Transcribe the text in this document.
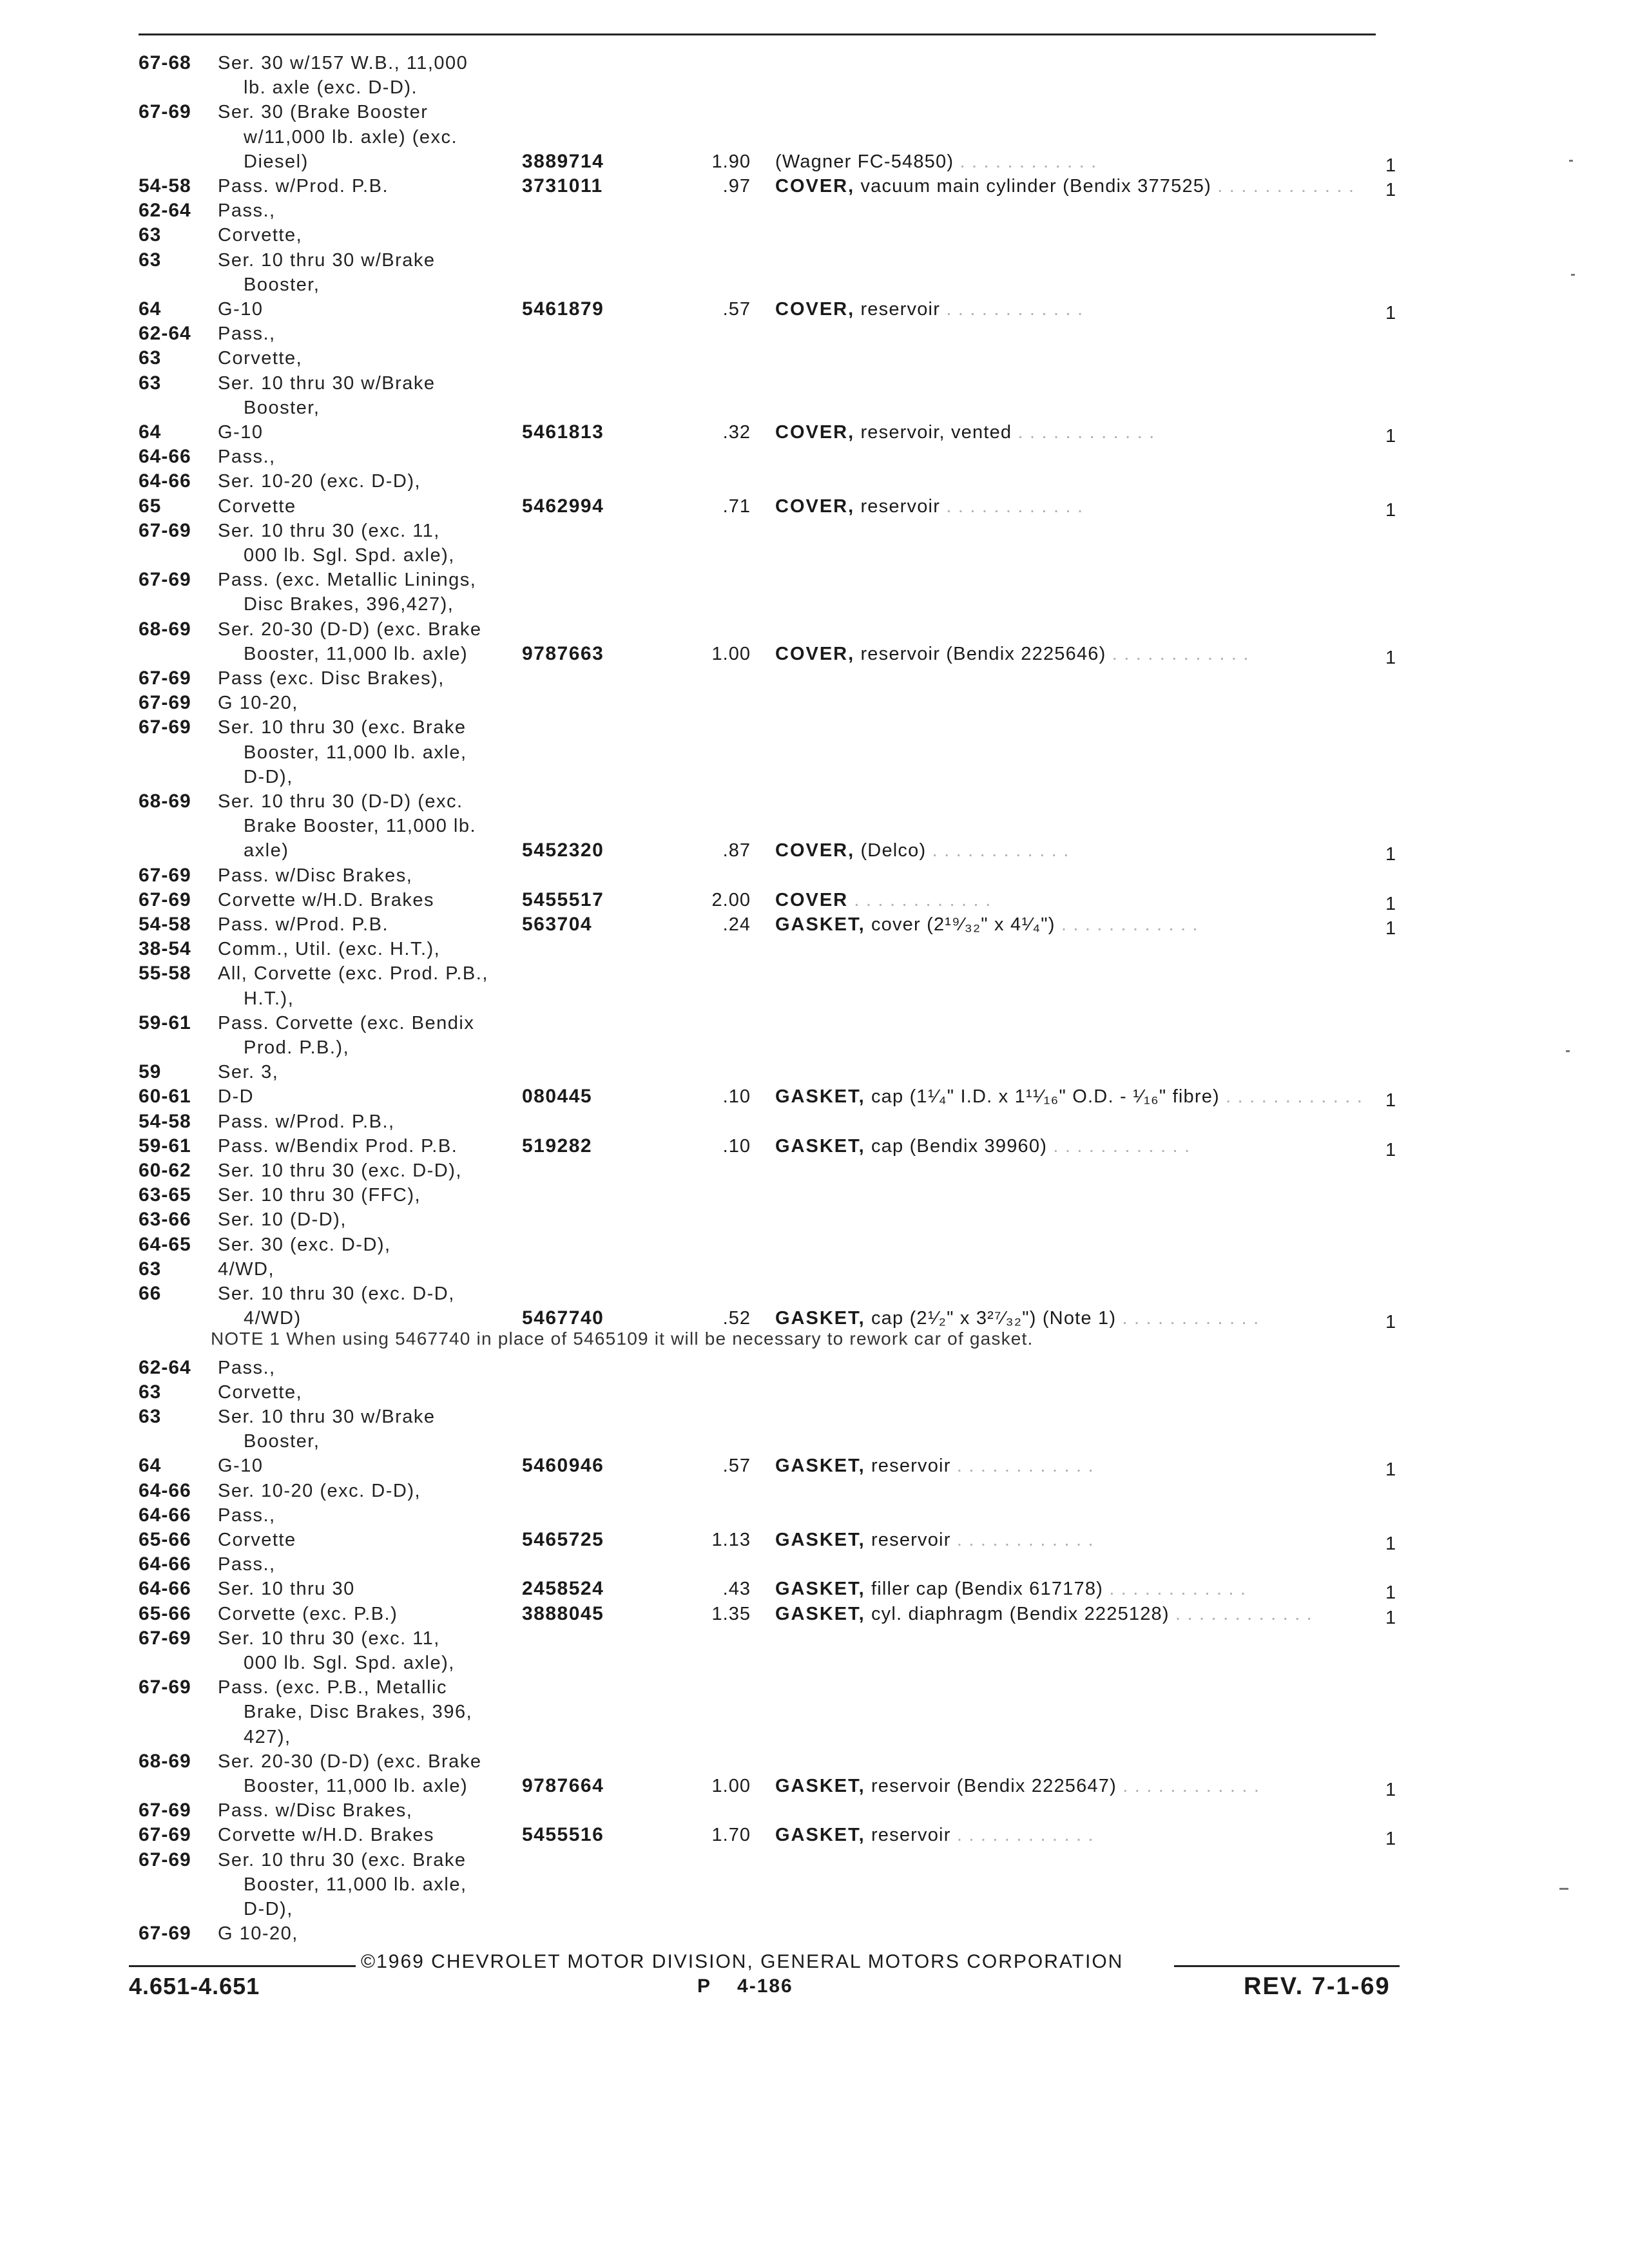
67-68 Ser. 30 w/157 W.B., 11,000
lb. axle (exc. D-D).
67-69 Ser. 30 (Brake Booster
w/11,000 lb. axle) (exc.
Diesel)	3889714	1.90 (Wagner FC-54850) . . . . . . . . . . . .	1
54-58 Pass. w/Prod. P.B.	3731011	.97 COVER, vacuum main cylinder (Bendix 377525) . . . . . . . . . . . . 1
62-64 Pass.,
63	Corvette,
63	Ser. 10 thru 30 w/Brake
Booster,
64	G-10	5461879	.57 COVER, reservoir . . . . . . . . . . . .	1
62-64 Pass.,
63	Corvette,
63	Ser. 10 thru 30 w/Brake
Booster,
64	G-10	5461813	.32 COVER, reservoir, vented . . . . . . . . . . . .	1
64-66 Pass.,
64-66 Ser. 10-20 (exc. D-D),
65	Corvette	5462994	.71 COVER, reservoir . . . . . . . . . . . .	1
67-69 Ser. 10 thru 30 (exc. 11,
000 lb. Sgl. Spd. axle),
67-69 Pass. (exc. Metallic Linings,
Disc Brakes, 396,427),
68-69 Ser. 20-30 (D-D) (exc. Brake
Booster, 11,000 lb. axle)	9787663	1.00 COVER, reservoir (Bendix 2225646) . . . . . . . . . . . .	1
67-69 Pass (exc. Disc Brakes),
67-69 G 10-20,
67-69 Ser. 10 thru 30 (exc. Brake
Booster, 11,000 lb. axle,
D-D),
68-69 Ser. 10 thru 30 (D-D) (exc.
Brake Booster, 11,000 lb.
axle)	5452320	.87 COVER, (Delco) . . . . . . . . . . . .	1
67-69 Pass. w/Disc Brakes,
67-69 Corvette w/H.D. Brakes	5455517	2.00 COVER . . . . . . . . . . . .	1
54-58 Pass. w/Prod. P.B.	563704	.24 GASKET, cover (2¹⁹⁄₃₂" x 4¹⁄₄") . . . . . . . . . . . .	1
38-54 Comm., Util. (exc. H.T.),
55-58 All, Corvette (exc. Prod. P.B.,
H.T.),
59-61 Pass. Corvette (exc. Bendix
Prod. P.B.),
59	Ser. 3,
60-61 D-D	080445	.10 GASKET, cap (1¹⁄₄" I.D. x 1¹¹⁄₁₆" O.D. - ¹⁄₁₆" fibre) . . . . . . . . . . . . 1
54-58 Pass. w/Prod. P.B.,
59-61 Pass. w/Bendix Prod. P.B.	519282	.10 GASKET, cap (Bendix 39960) . . . . . . . . . . . .	1
60-62 Ser. 10 thru 30 (exc. D-D),
63-65 Ser. 10 thru 30 (FFC),
63-66 Ser. 10 (D-D),
64-65 Ser. 30 (exc. D-D),
63	4/WD,
66	Ser. 10 thru 30 (exc. D-D,
4/WD)	5467740	.52 GASKET, cap (2¹⁄₂" x 3²⁷⁄₃₂") (Note 1) . . . . . . . . . . . .	1
NOTE 1 When using 5467740 in place of 5465109 it will be necessary to rework car of gasket.
62-64 Pass.,
63	Corvette,
63	Ser. 10 thru 30 w/Brake
Booster,
64	G-10	5460946	.57 GASKET, reservoir . . . . . . . . . . . .	1
64-66 Ser. 10-20 (exc. D-D),
64-66 Pass.,
65-66 Corvette	5465725	1.13 GASKET, reservoir . . . . . . . . . . . .	1
64-66 Pass.,
64-66 Ser. 10 thru 30	2458524	.43 GASKET, filler cap (Bendix 617178) . . . . . . . . . . . .	1
65-66 Corvette (exc. P.B.)	3888045	1.35 GASKET, cyl. diaphragm (Bendix 2225128) . . . . . . . . . . . .	1
67-69 Ser. 10 thru 30 (exc. 11,
000 lb. Sgl. Spd. axle),
67-69 Pass. (exc. P.B., Metallic
Brake, Disc Brakes, 396,
427),
68-69 Ser. 20-30 (D-D) (exc. Brake
Booster, 11,000 lb. axle)	9787664	1.00 GASKET, reservoir (Bendix 2225647) . . . . . . . . . . . .	1
67-69 Pass. w/Disc Brakes,
67-69 Corvette w/H.D. Brakes	5455516	1.70 GASKET, reservoir . . . . . . . . . . . .	1
67-69 Ser. 10 thru 30 (exc. Brake
Booster, 11,000 lb. axle,
D-D),
67-69 G 10-20,
©1969 CHEVROLET MOTOR DIVISION, GENERAL MOTORS CORPORATION
4.651-4.651	P 4-186	REV. 7-1-69
